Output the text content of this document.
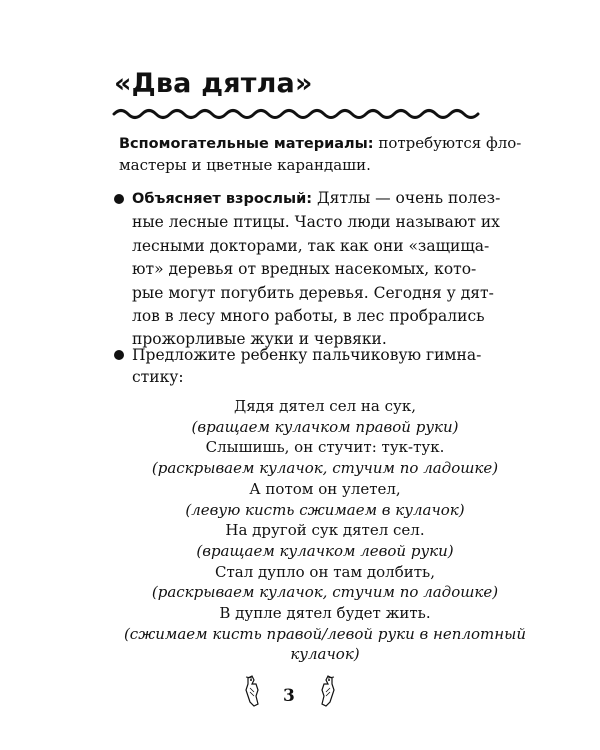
«Два дятла»
Вспомогательные материалы: потребуются фло-
мастеры и цветные карандаши.
Объясняет взрослый: Дятлы — очень полез-
ные лесные птицы. Часто люди называют их
лесными докторами, так как они «защища-
ют» деревья от вредных насекомых, кото-
рые могут погубить деревья. Сегодня у дят-
лов в лесу много работы, в лес пробрались
прожорливые жуки и червяки.
Предложите ребенку пальчиковую гимна-
стику:
Дядя дятел сел на сук,
(вращаем кулачком правой руки)
Слышишь, он стучит: тук-тук.
(раскрываем кулачок, стучим по ладошке)
А потом он улетел,
(левую кисть сжимаем в кулачок)
На другой сук дятел сел.
(вращаем кулачком левой руки)
Стал дупло он там долбить,
(раскрываем кулачок, стучим по ладошке)
В дупле дятел будет жить.
(сжимаем кисть правой/левой руки в неплотный
кулачок)
3
